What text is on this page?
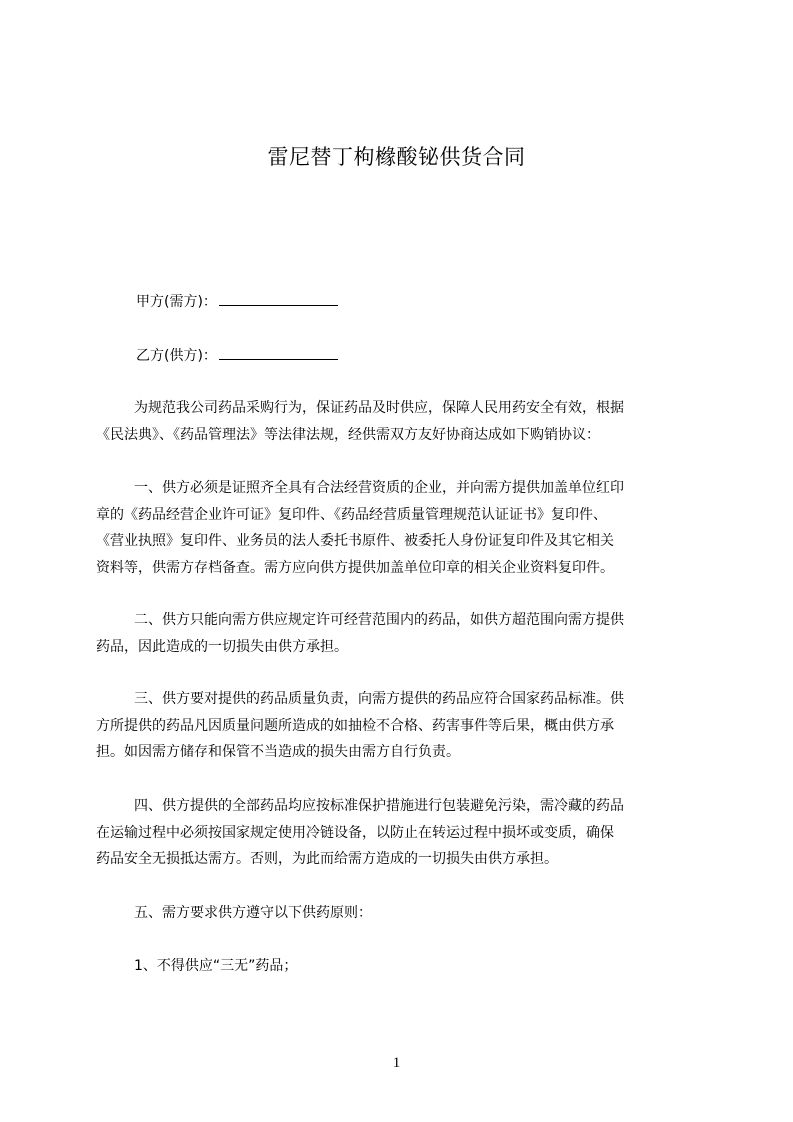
雷尼替丁枸橼酸铋供货合同
甲方(需方)：
乙方(供方)：
为规范我公司药品采购行为，保证药品及时供应，保障人民用药安全有效，根据
《民法典》、《药品管理法》等法律法规，经供需双方友好协商达成如下购销协议：
一、供方必须是证照齐全具有合法经营资质的企业，并向需方提供加盖单位红印
章的《药品经营企业许可证》复印件、《药品经营质量管理规范认证证书》复印件、
《营业执照》复印件、业务员的法人委托书原件、被委托人身份证复印件及其它相关
资料等，供需方存档备查。需方应向供方提供加盖单位印章的相关企业资料复印件。
二、供方只能向需方供应规定许可经营范围内的药品，如供方超范围向需方提供
药品，因此造成的一切损失由供方承担。
三、供方要对提供的药品质量负责，向需方提供的药品应符合国家药品标准。供
方所提供的药品凡因质量问题所造成的如抽检不合格、药害事件等后果，概由供方承
担。如因需方储存和保管不当造成的损失由需方自行负责。
四、供方提供的全部药品均应按标准保护措施进行包装避免污染，需冷藏的药品
在运输过程中必须按国家规定使用冷链设备，以防止在转运过程中损坏或变质，确保
药品安全无损抵达需方。否则，为此而给需方造成的一切损失由供方承担。
五、需方要求供方遵守以下供药原则：
1、不得供应“三无”药品；
1
